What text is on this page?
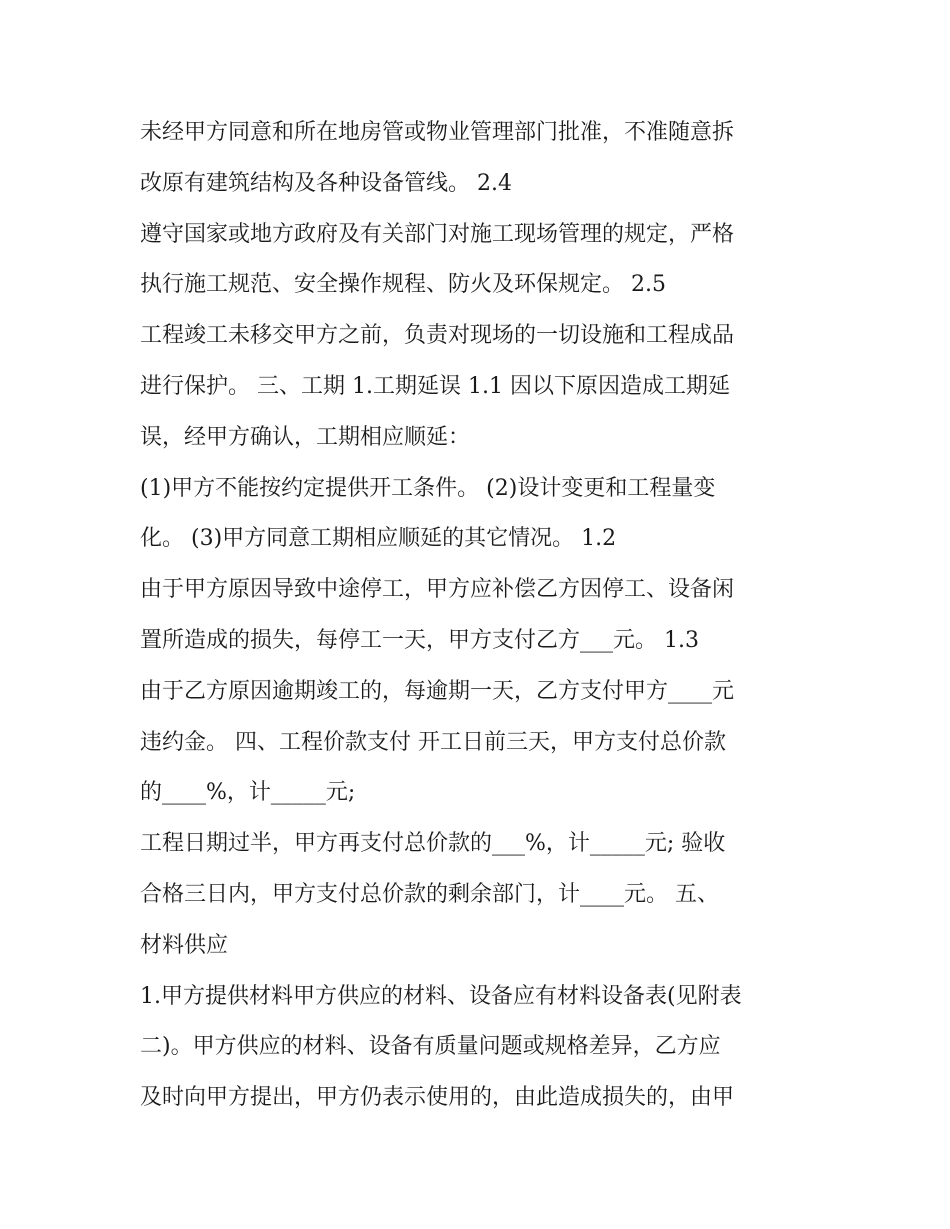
未经甲方同意和所在地房管或物业管理部门批准，不准随意拆
改原有建筑结构及各种设备管线。 2.4
遵守国家或地方政府及有关部门对施工现场管理的规定，严格
执行施工规范、安全操作规程、防火及环保规定。 2.5
工程竣工未移交甲方之前，负责对现场的一切设施和工程成品
进行保护。 三、工期 1.工期延误 1.1 因以下原因造成工期延
误，经甲方确认，工期相应顺延：
(1)甲方不能按约定提供开工条件。 (2)设计变更和工程量变
化。 (3)甲方同意工期相应顺延的其它情况。 1.2
由于甲方原因导致中途停工，甲方应补偿乙方因停工、设备闲
置所造成的损失，每停工一天，甲方支付乙方___元。 1.3
由于乙方原因逾期竣工的，每逾期一天，乙方支付甲方____元
违约金。 四、工程价款支付 开工日前三天，甲方支付总价款
的____%，计_____元;
工程日期过半，甲方再支付总价款的___%，计_____元; 验收
合格三日内，甲方支付总价款的剩余部门，计____元。 五、
材料供应
1.甲方提供材料甲方供应的材料、设备应有材料设备表(见附表
二)。甲方供应的材料、设备有质量问题或规格差异，乙方应
及时向甲方提出，甲方仍表示使用的，由此造成损失的，由甲
